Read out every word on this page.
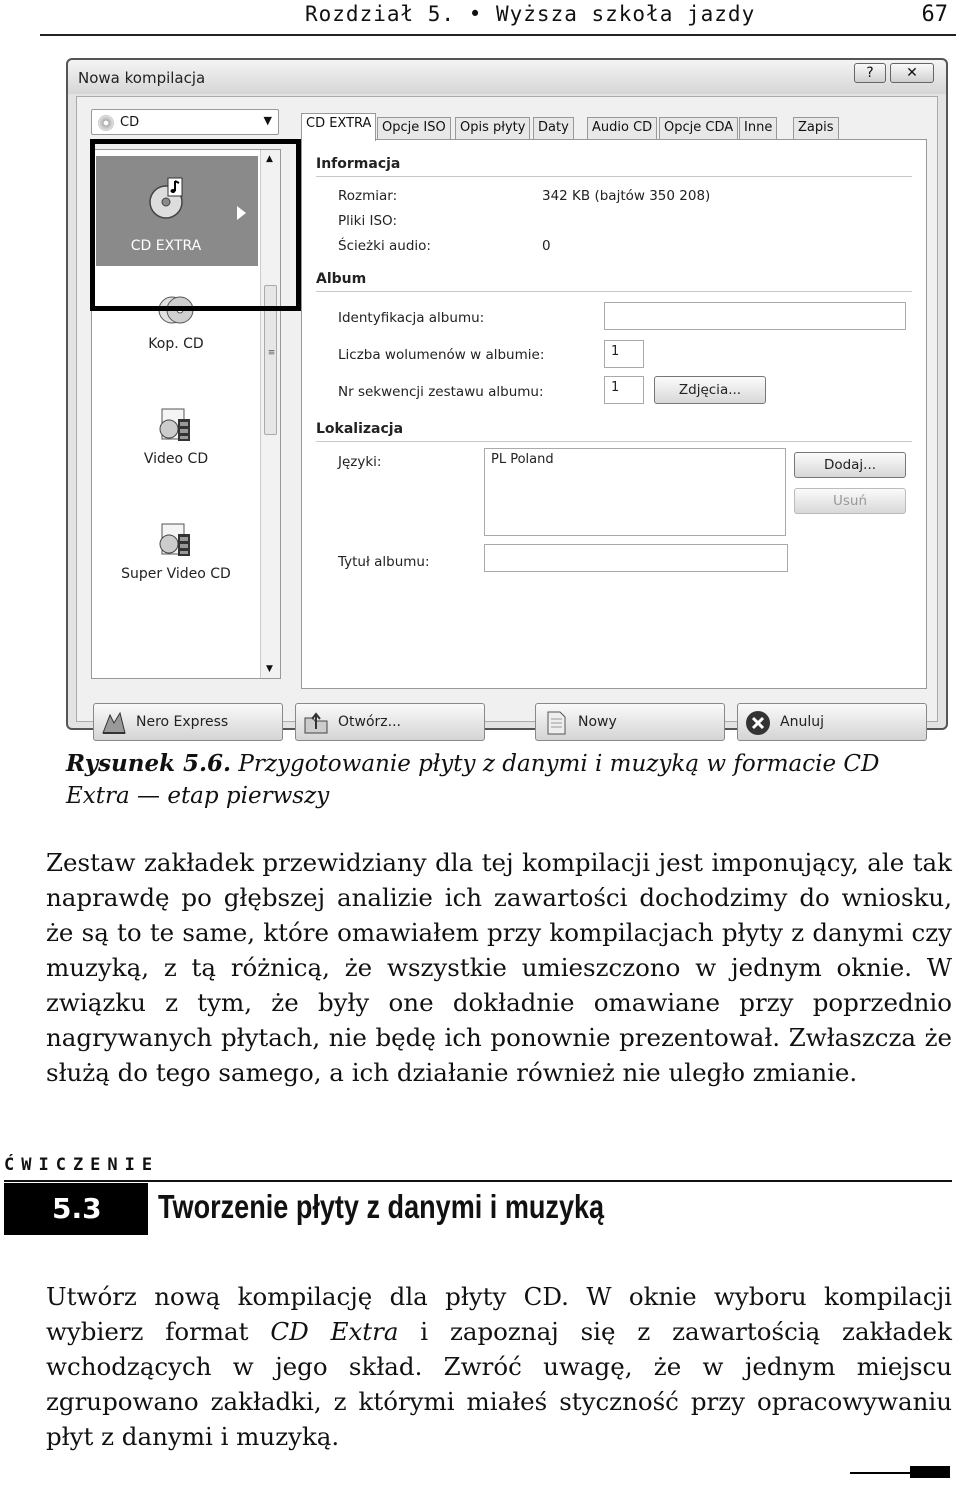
Rozdział 5. • Wyższa szkoła jazdy	67
Nowa kompilacja	?	✕
CD	▼
CD EXTRA
Kop. CD
Video CD
Super Video CD
▲
≡
▼
CD EXTRA Opcje ISO	Opis płyty Daty	Audio CD Opcje CDA Inne	Zapis
Informacja
Rozmiar:	342 KB (bajtów 350 208)
Pliki ISO:
Ścieżki audio:	0
Album
Identyfikacja albumu:
Liczba wolumenów w albumie:	1
Nr sekwencji zestawu albumu:	1	Zdjęcia...
Lokalizacja
Języki:	PL Poland	Dodaj...
Usuń
Tytuł albumu:
Nero Express	Otwórz...	Nowy	Anuluj
Rysunek 5.6. Przygotowanie płyty z danymi i muzyką w formacie CD Extra — etap pierwszy

Zestaw zakładek przewidziany dla tej kompilacji jest imponujący, ale tak naprawdę po głębszej analizie ich zawartości dochodzimy do wniosku, że są to te same, które omawiałem przy kompilacjach płyty z danymi czy muzyką, z tą różnicą, że wszystkie umieszczono w jednym oknie. W związku z tym, że były one dokładnie omawiane przy poprzednio nagrywanych płytach, nie będę ich ponownie prezentował. Zwłaszcza że służą do tego samego, a ich działanie również nie uległo zmianie.

ĆWICZENIE
5.3	Tworzenie płyty z danymi i muzyką

Utwórz nową kompilację dla płyty CD. W oknie wyboru kompilacji wybierz format CD Extra i zapoznaj się z zawartością zakładek wchodzących w jego skład. Zwróć uwagę, że w jednym miejscu zgrupowano zakładki, z którymi miałeś styczność przy opracowywaniu płyt z danymi i muzyką.
